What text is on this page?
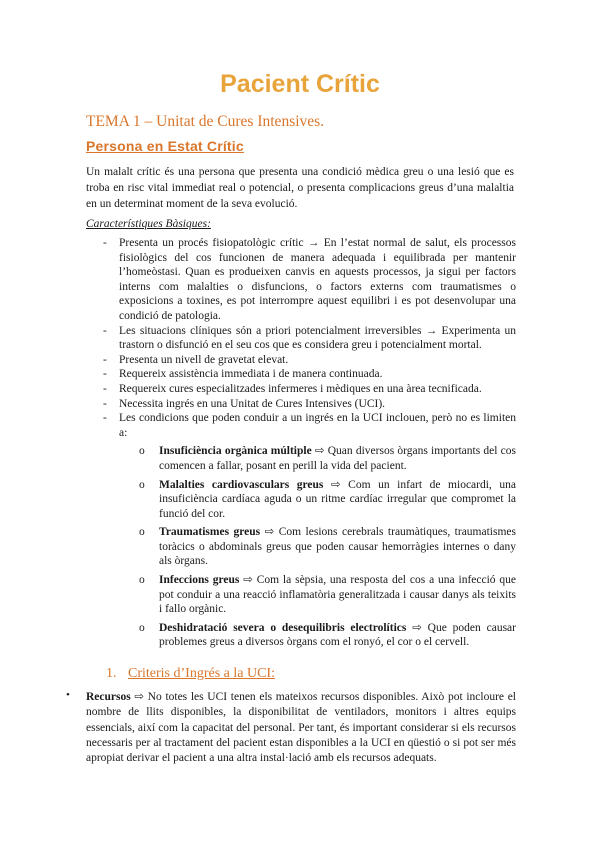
Pacient Crític
TEMA 1 – Unitat de Cures Intensives.
Persona en Estat Crític
Un malalt crític és una persona que presenta una condició mèdica greu o una lesió que es troba en risc vital immediat real o potencial, o presenta complicacions greus d’una malaltia en un determinat moment de la seva evolució.
Característiques Bàsiques:
- Presenta un procés fisiopatològic crític → En l’estat normal de salut, els processos fisiològics del cos funcionen de manera adequada i equilibrada per mantenir l’homeòstasi. Quan es produeixen canvis en aquests processos, ja sigui per factors interns com malalties o disfuncions, o factors externs com traumatismes o exposicions a toxines, es pot interrompre aquest equilibri i es pot desenvolupar una condició de patologia.
- Les situacions clíniques són a priori potencialment irreversibles → Experimenta un trastorn o disfunció en el seu cos que es considera greu i potencialment mortal.
- Presenta un nivell de gravetat elevat.
- Requereix assistència immediata i de manera continuada.
- Requereix cures especialitzades infermeres i mèdiques en una àrea tecnificada.
- Necessita ingrés en una Unitat de Cures Intensives (UCI).
- Les condicions que poden conduir a un ingrés en la UCI inclouen, però no es limiten a:
o Insuficiència orgànica múltiple ⇨ Quan diversos òrgans importants del cos comencen a fallar, posant en perill la vida del pacient.
o Malalties cardiovasculars greus ⇨ Com un infart de miocardi, una insuficiència cardíaca aguda o un ritme cardíac irregular que compromet la funció del cor.
o Traumatismes greus ⇨ Com lesions cerebrals traumàtiques, traumatismes toràcics o abdominals greus que poden causar hemorràgies internes o dany als òrgans.
o Infeccions greus ⇨ Com la sèpsia, una resposta del cos a una infecció que pot conduir a una reacció inflamatòria generalitzada i causar danys als teixits i fallo orgànic.
o Deshidratació severa o desequilibris electrolítics ⇨ Que poden causar problemes greus a diversos òrgans com el ronyó, el cor o el cervell.
1. Criteris d’Ingrés a la UCI:
• Recursos ⇨ No totes les UCI tenen els mateixos recursos disponibles. Això pot incloure el nombre de llits disponibles, la disponibilitat de ventiladors, monitors i altres equips essencials, així com la capacitat del personal. Per tant, és important considerar si els recursos necessaris per al tractament del pacient estan disponibles a la UCI en qüestió o si pot ser més apropiat derivar el pacient a una altra instal·lació amb els recursos adequats.
